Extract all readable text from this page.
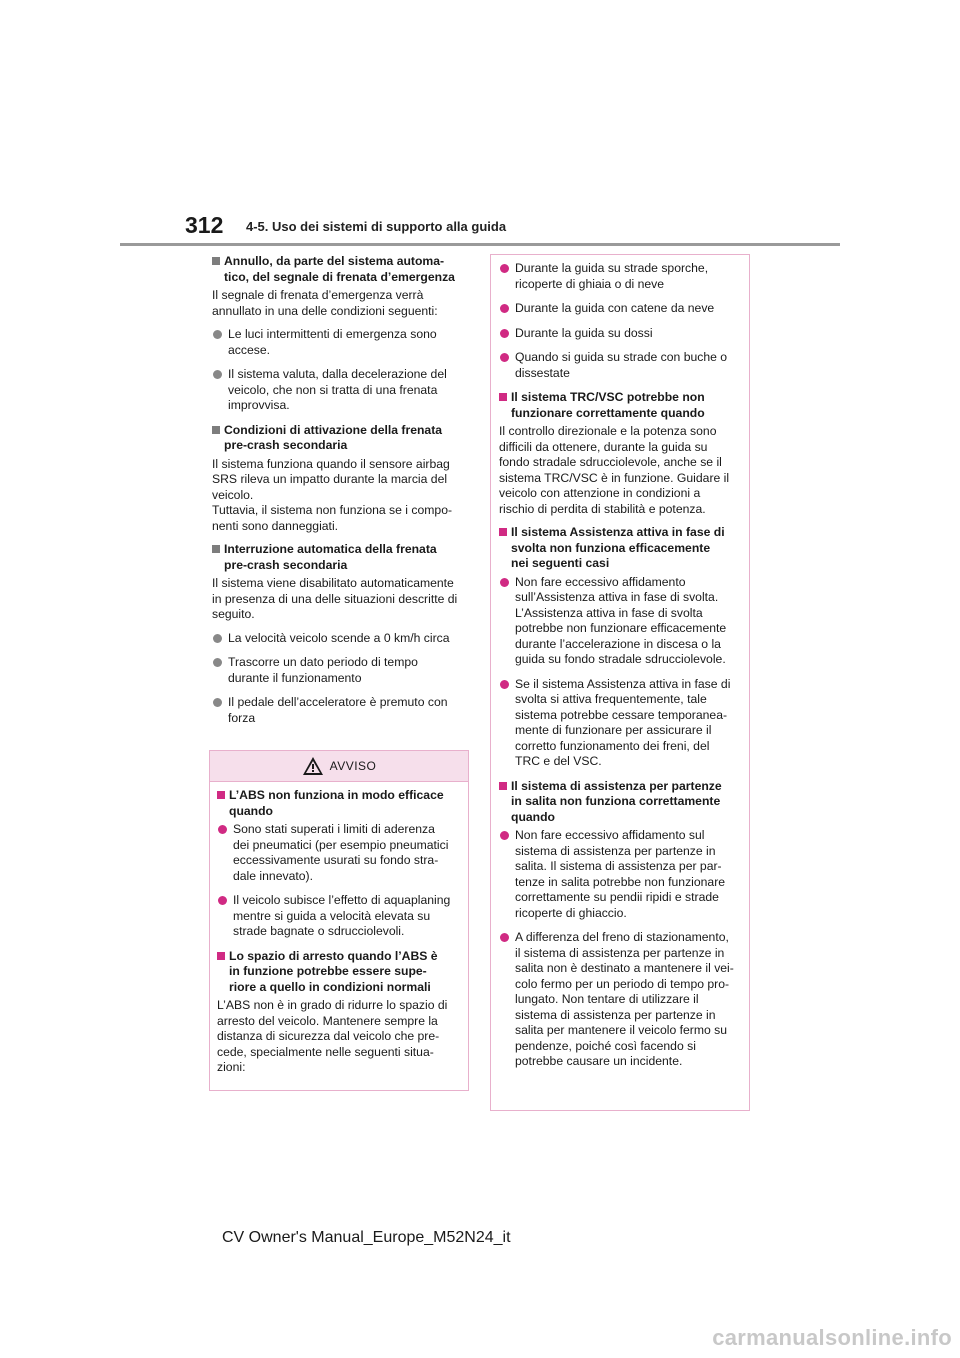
312 4-5. Uso dei sistemi di supporto alla guida
Annullo, da parte del sistema automa-
tico, del segnale di frenata d’emergenza
Il segnale di frenata d’emergenza verrà
annullato in una delle condizioni seguenti:
Le luci intermittenti di emergenza sono
accese.
Il sistema valuta, dalla decelerazione del
veicolo, che non si tratta di una frenata
improvvisa.
Condizioni di attivazione della frenata
pre-crash secondaria
Il sistema funziona quando il sensore airbag
SRS rileva un impatto durante la marcia del
veicolo.
Tuttavia, il sistema non funziona se i compo-
nenti sono danneggiati.
Interruzione automatica della frenata
pre-crash secondaria
Il sistema viene disabilitato automaticamente
in presenza di una delle situazioni descritte di
seguito.
La velocità veicolo scende a 0 km/h circa
Trascorre un dato periodo di tempo
durante il funzionamento
Il pedale dell’acceleratore è premuto con
forza
AVVISO
L’ABS non funziona in modo efficace
quando
Sono stati superati i limiti di aderenza
dei pneumatici (per esempio pneumatici
eccessivamente usurati su fondo stra-
dale innevato).
Il veicolo subisce l’effetto di aquaplaning
mentre si guida a velocità elevata su
strade bagnate o sdrucciolevoli.
Lo spazio di arresto quando l’ABS è
in funzione potrebbe essere supe-
riore a quello in condizioni normali
L’ABS non è in grado di ridurre lo spazio di
arresto del veicolo. Mantenere sempre la
distanza di sicurezza dal veicolo che pre-
cede, specialmente nelle seguenti situa-
zioni:
Durante la guida su strade sporche,
ricoperte di ghiaia o di neve
Durante la guida con catene da neve
Durante la guida su dossi
Quando si guida su strade con buche o
dissestate
Il sistema TRC/VSC potrebbe non
funzionare correttamente quando
Il controllo direzionale e la potenza sono
difficili da ottenere, durante la guida su
fondo stradale sdrucciolevole, anche se il
sistema TRC/VSC è in funzione. Guidare il
veicolo con attenzione in condizioni a
rischio di perdita di stabilità e potenza.
Il sistema Assistenza attiva in fase di
svolta non funziona efficacemente
nei seguenti casi
Non fare eccessivo affidamento
sull’Assistenza attiva in fase di svolta.
L’Assistenza attiva in fase di svolta
potrebbe non funzionare efficacemente
durante l’accelerazione in discesa o la
guida su fondo stradale sdrucciolevole.
Se il sistema Assistenza attiva in fase di
svolta si attiva frequentemente, tale
sistema potrebbe cessare temporanea-
mente di funzionare per assicurare il
corretto funzionamento dei freni, del
TRC e del VSC.
Il sistema di assistenza per partenze
in salita non funziona correttamente
quando
Non fare eccessivo affidamento sul
sistema di assistenza per partenze in
salita. Il sistema di assistenza per par-
tenze in salita potrebbe non funzionare
correttamente su pendii ripidi e strade
ricoperte di ghiaccio.
A differenza del freno di stazionamento,
il sistema di assistenza per partenze in
salita non è destinato a mantenere il vei-
colo fermo per un periodo di tempo pro-
lungato. Non tentare di utilizzare il
sistema di assistenza per partenze in
salita per mantenere il veicolo fermo su
pendenze, poiché così facendo si
potrebbe causare un incidente.
CV Owner's Manual_Europe_M52N24_it
carmanualsonline.info
